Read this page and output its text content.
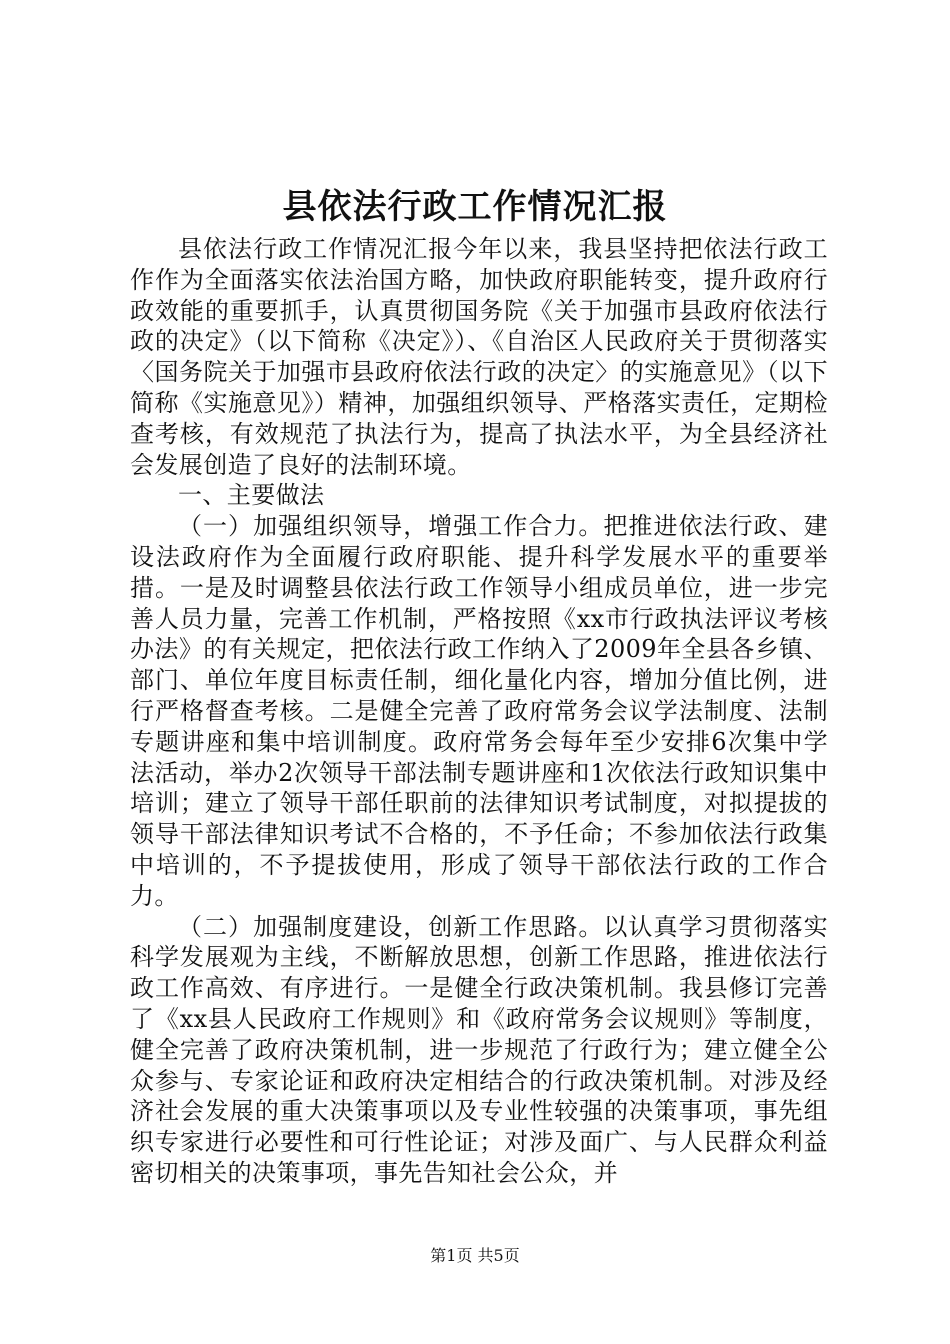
县依法行政工作情况汇报

县依法行政工作情况汇报今年以来，我县坚持把依法行政工作作为全面落实依法治国方略，加快政府职能转变，提升政府行政效能的重要抓手，认真贯彻国务院《关于加强市县政府依法行政的决定》（以下简称《决定》）、《自治区人民政府关于贯彻落实〈国务院关于加强市县政府依法行政的决定〉的实施意见》（以下简称《实施意见》）精神，加强组织领导、严格落实责任，定期检查考核，有效规范了执法行为，提高了执法水平，为全县经济社会发展创造了良好的法制环境。

一、主要做法

（一）加强组织领导，增强工作合力。把推进依法行政、建设法政府作为全面履行政府职能、提升科学发展水平的重要举措。一是及时调整县依法行政工作领导小组成员单位，进一步完善人员力量，完善工作机制，严格按照《xx市行政执法评议考核办法》的有关规定，把依法行政工作纳入了2009年全县各乡镇、部门、单位年度目标责任制，细化量化内容，增加分值比例，进行严格督查考核。二是健全完善了政府常务会议学法制度、法制专题讲座和集中培训制度。政府常务会每年至少安排6次集中学法活动，举办2次领导干部法制专题讲座和1次依法行政知识集中培训；建立了领导干部任职前的法律知识考试制度，对拟提拔的领导干部法律知识考试不合格的，不予任命；不参加依法行政集中培训的，不予提拔使用，形成了领导干部依法行政的工作合力。

（二）加强制度建设，创新工作思路。以认真学习贯彻落实科学发展观为主线，不断解放思想，创新工作思路，推进依法行政工作高效、有序进行。一是健全行政决策机制。我县修订完善了《xx县人民政府工作规则》和《政府常务会议规则》等制度，健全完善了政府决策机制，进一步规范了行政行为；建立健全公众参与、专家论证和政府决定相结合的行政决策机制。对涉及经济社会发展的重大决策事项以及专业性较强的决策事项，事先组织专家进行必要性和可行性论证；对涉及面广、与人民群众利益密切相关的决策事项，事先告知社会公众，并

第1页 共5页
